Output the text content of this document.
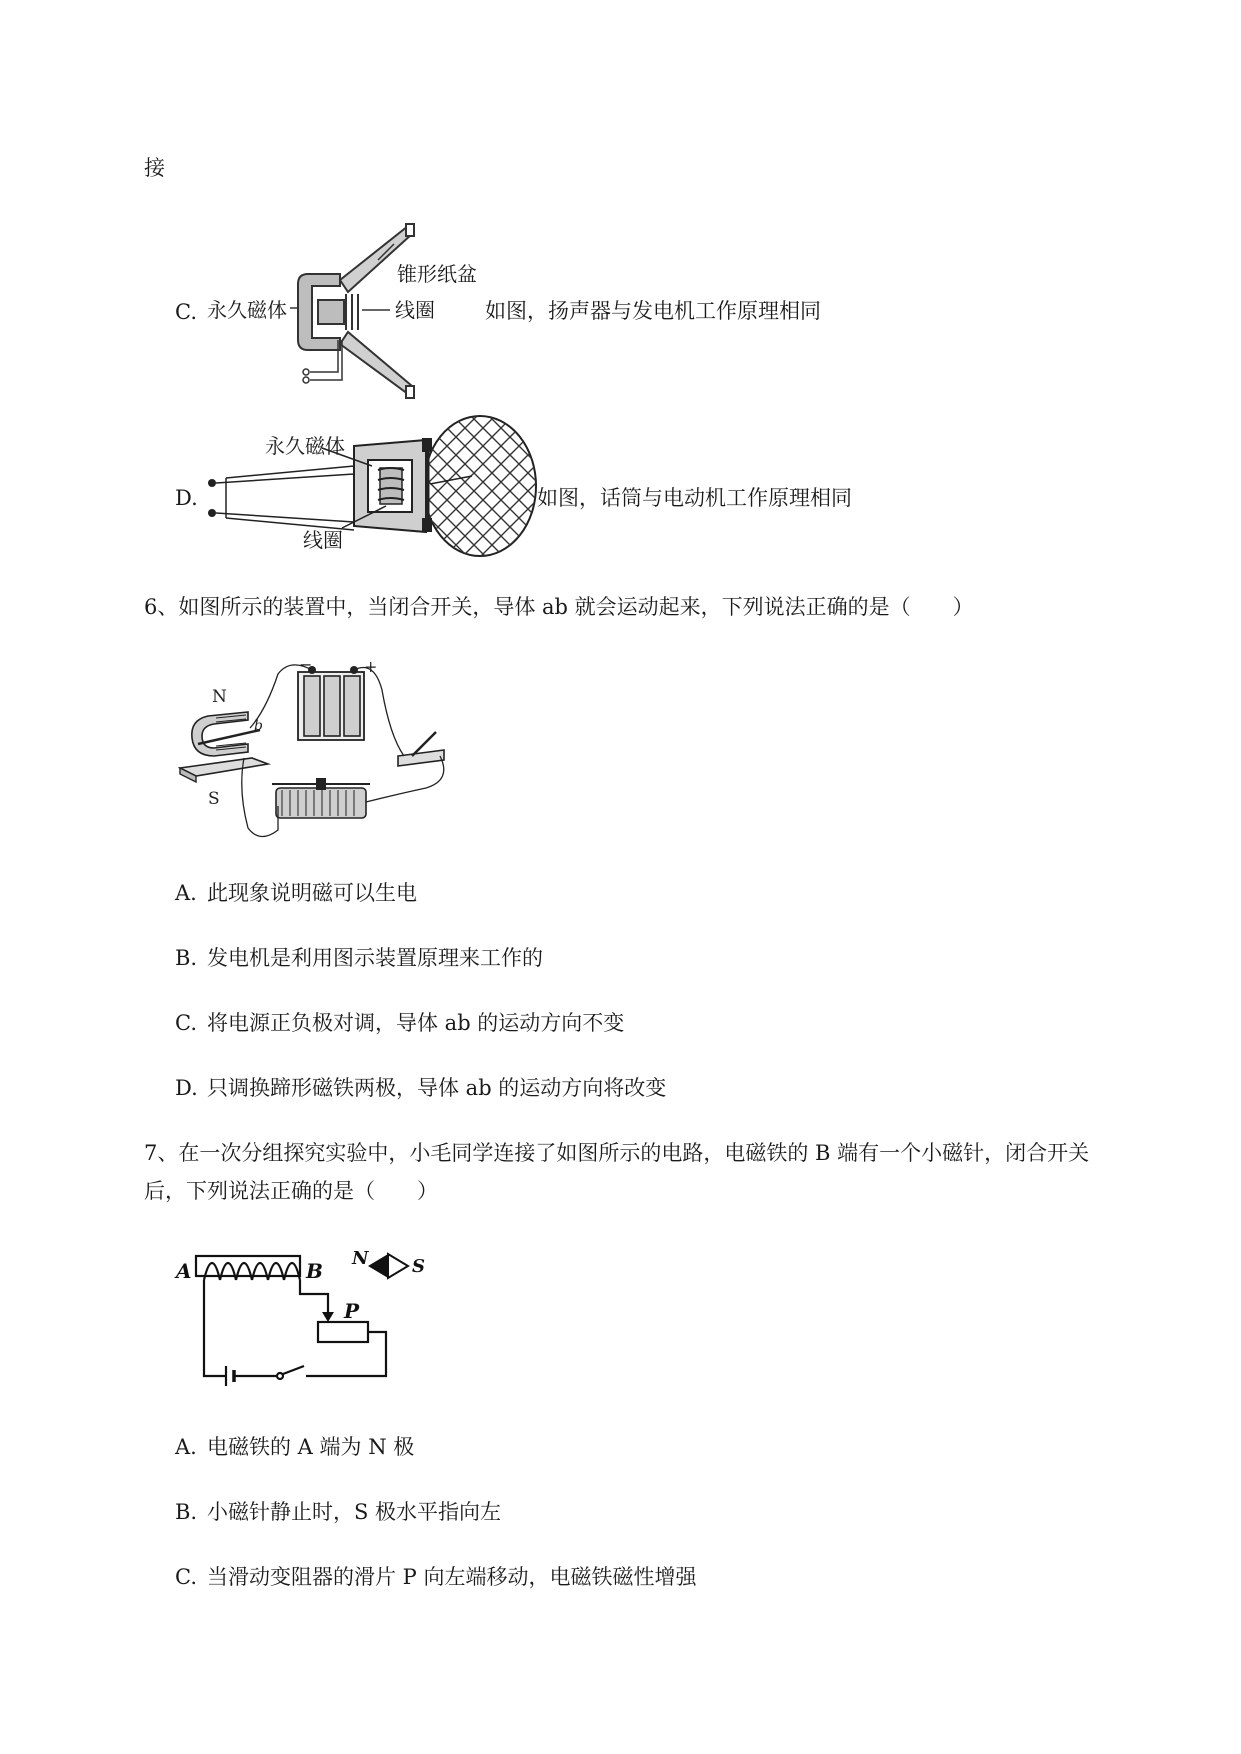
接
C. 永久磁体
锥形纸盆
线圈 如图，扬声器与发电机工作原理相同
D.
永久磁体
线圈
如图，话筒与电动机工作原理相同
6、如图所示的装置中，当闭合开关，导体 ab 就会运动起来，下列说法正确的是（　　）
N
S
b
−	+
A. 此现象说明磁可以生电
B. 发电机是利用图示装置原理来工作的
C. 将电源正负极对调，导体 ab 的运动方向不变
D. 只调换蹄形磁铁两极，导体 ab 的运动方向将改变
7、在一次分组探究实验中，小毛同学连接了如图所示的电路，电磁铁的 B 端有一个小磁针，闭合开关
后，下列说法正确的是（　　）
A	B
N S
P
A. 电磁铁的 A 端为 N 极
B. 小磁针静止时，S 极水平指向左
C. 当滑动变阻器的滑片 P 向左端移动，电磁铁磁性增强
